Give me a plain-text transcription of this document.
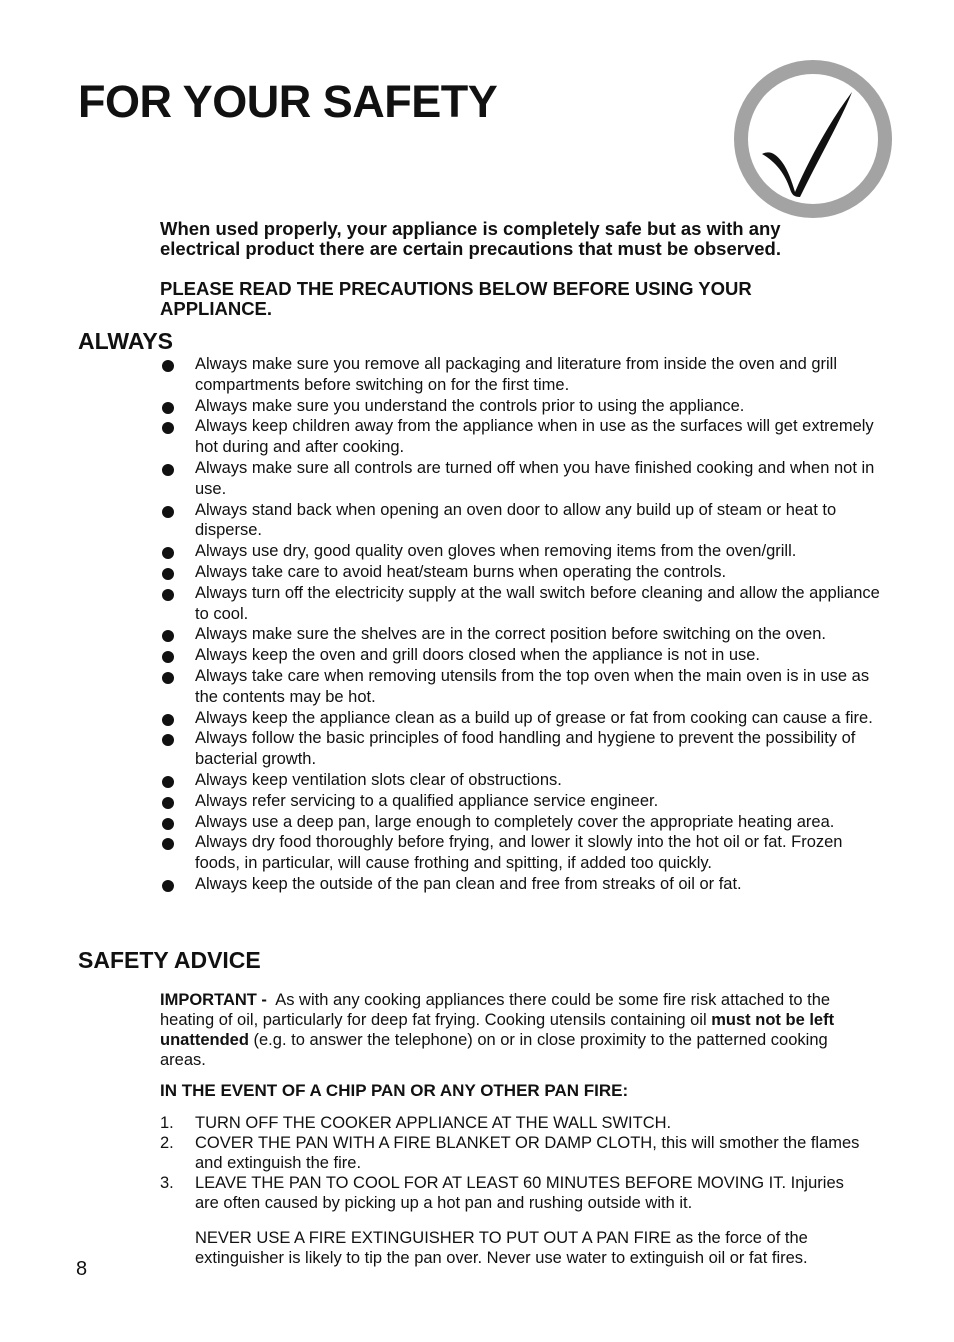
FOR YOUR SAFETY
When used properly, your appliance is completely safe but as with any electrical product there are certain precautions that must be observed.
PLEASE READ THE PRECAUTIONS BELOW BEFORE USING YOUR APPLIANCE.
ALWAYS
Always make sure you remove all packaging and literature from inside the oven and grill compartments before switching on for the first time.
Always make sure you understand the controls prior to using the appliance.
Always keep children away from the appliance when in use as the surfaces will get extremely hot during and after cooking.
Always make sure all controls are turned off when you have finished cooking and when not in use.
Always stand back when opening an oven door to allow any build up of steam or heat to disperse.
Always use dry, good quality oven gloves when removing items from the oven/grill.
Always take care to avoid heat/steam burns when operating the controls.
Always turn off the electricity supply at the wall switch before cleaning and allow the appliance to cool.
Always make sure the shelves are in the correct position before switching on the oven.
Always keep the oven and grill doors closed when the appliance is not in use.
Always take care when removing utensils from the top oven when the main oven is in use as the contents may be hot.
Always keep the appliance clean as a build up of grease or fat from cooking can cause a fire.
Always follow the basic principles of food handling and hygiene to prevent the possibility of bacterial growth.
Always keep ventilation slots clear of obstructions.
Always refer servicing to a qualified appliance service engineer.
Always use a deep pan, large enough to completely cover the appropriate heating area.
Always dry food thoroughly before frying, and lower it slowly into the hot oil or fat. Frozen foods, in particular, will cause frothing and spitting, if added too quickly.
Always keep the outside of the pan clean and free from streaks of oil or fat.
SAFETY ADVICE
IMPORTANT - As with any cooking appliances there could be some fire risk attached to the heating of oil, particularly for deep fat frying. Cooking utensils containing oil must not be left unattended (e.g. to answer the telephone) on or in close proximity to the patterned cooking areas.
IN THE EVENT OF A CHIP PAN OR ANY OTHER PAN FIRE:
1. TURN OFF THE COOKER APPLIANCE AT THE WALL SWITCH.
2. COVER THE PAN WITH A FIRE BLANKET OR DAMP CLOTH, this will smother the flames and extinguish the fire.
3. LEAVE THE PAN TO COOL FOR AT LEAST 60 MINUTES BEFORE MOVING IT. Injuries are often caused by picking up a hot pan and rushing outside with it.
NEVER USE A FIRE EXTINGUISHER TO PUT OUT A PAN FIRE as the force of the extinguisher is likely to tip the pan over. Never use water to extinguish oil or fat fires.
8
